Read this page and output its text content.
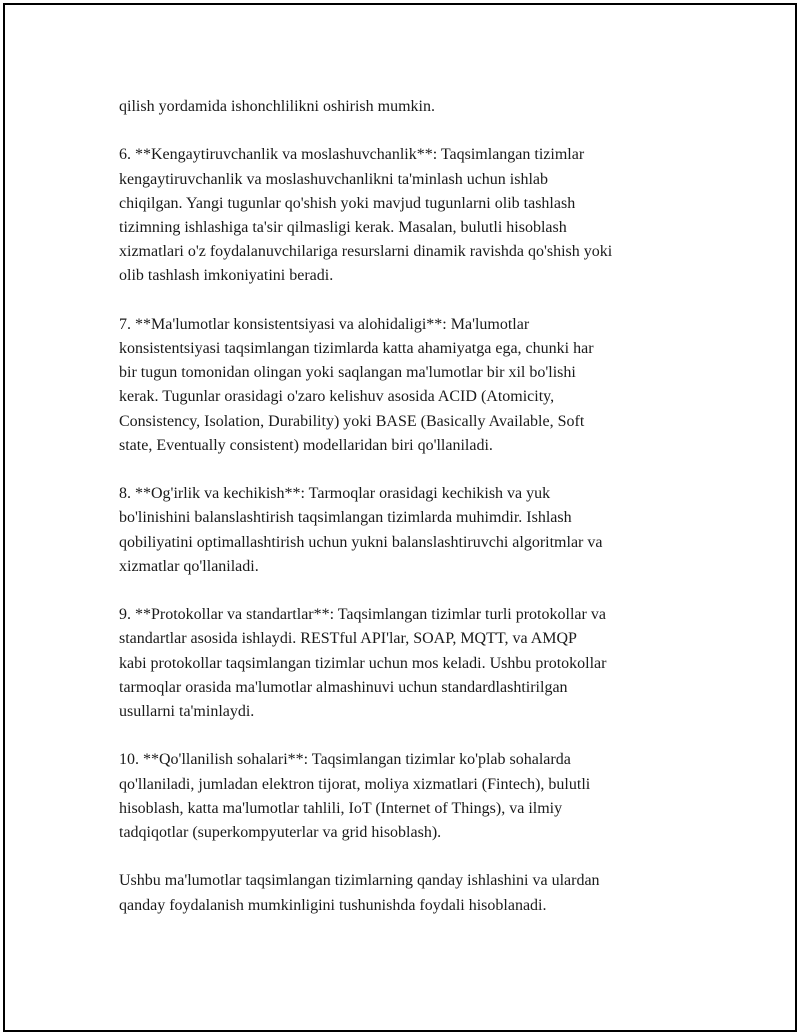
qilish yordamida ishonchlilikni oshirish mumkin.

6. **Kengaytiruvchanlik va moslashuvchanlik**: Taqsimlangan tizimlar
kengaytiruvchanlik va moslashuvchanlikni ta'minlash uchun ishlab
chiqilgan. Yangi tugunlar qo'shish yoki mavjud tugunlarni olib tashlash
tizimning ishlashiga ta'sir qilmasligi kerak. Masalan, bulutli hisoblash
xizmatlari o'z foydalanuvchilariga resurslarni dinamik ravishda qo'shish yoki
olib tashlash imkoniyatini beradi.

7. **Ma'lumotlar konsistentsiyasi va alohidaligi**: Ma'lumotlar
konsistentsiyasi taqsimlangan tizimlarda katta ahamiyatga ega, chunki har
bir tugun tomonidan olingan yoki saqlangan ma'lumotlar bir xil bo'lishi
kerak. Tugunlar orasidagi o'zaro kelishuv asosida ACID (Atomicity,
Consistency, Isolation, Durability) yoki BASE (Basically Available, Soft
state, Eventually consistent) modellaridan biri qo'llaniladi.

8. **Og'irlik va kechikish**: Tarmoqlar orasidagi kechikish va yuk
bo'linishini balanslashtirish taqsimlangan tizimlarda muhimdir. Ishlash
qobiliyatini optimallashtirish uchun yukni balanslashtiruvchi algoritmlar va
xizmatlar qo'llaniladi.

9. **Protokollar va standartlar**: Taqsimlangan tizimlar turli protokollar va
standartlar asosida ishlaydi. RESTful API'lar, SOAP, MQTT, va AMQP
kabi protokollar taqsimlangan tizimlar uchun mos keladi. Ushbu protokollar
tarmoqlar orasida ma'lumotlar almashinuvi uchun standardlashtirilgan
usullarni ta'minlaydi.

10. **Qo'llanilish sohalari**: Taqsimlangan tizimlar ko'plab sohalarda
qo'llaniladi, jumladan elektron tijorat, moliya xizmatlari (Fintech), bulutli
hisoblash, katta ma'lumotlar tahlili, IoT (Internet of Things), va ilmiy
tadqiqotlar (superkompyuterlar va grid hisoblash).

Ushbu ma'lumotlar taqsimlangan tizimlarning qanday ishlashini va ulardan
qanday foydalanish mumkinligini tushunishda foydali hisoblanadi.
